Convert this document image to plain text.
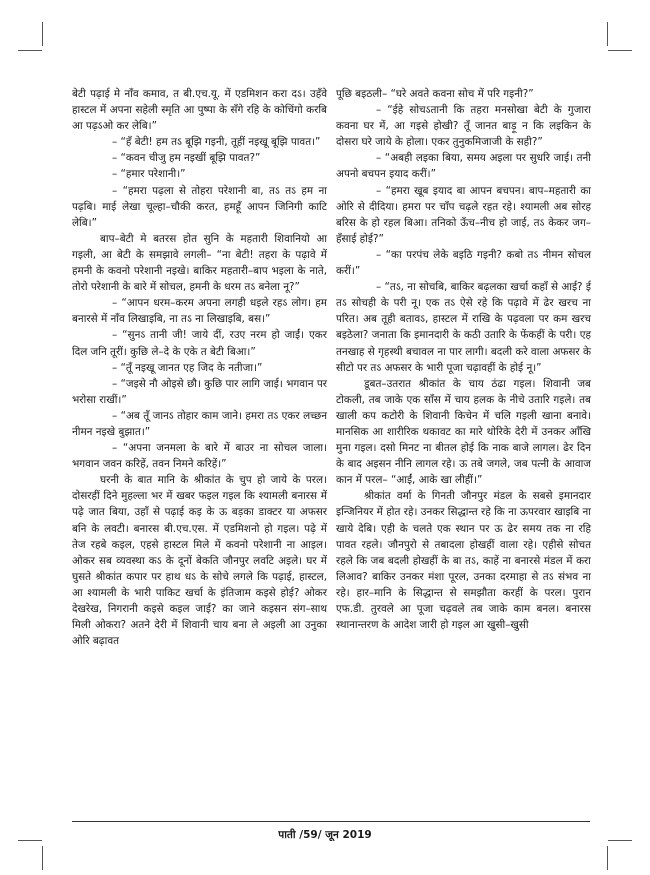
बेटी पढ़ाई मे नाँव कमाव, त बी.एच.यू. में एडमिशन करा दऽ। उहँवे हास्टल में अपना सहेली स्मृति आ पुष्पा के सँगे रहि के कोचिंगो करबि आ पढ़ऽओ कर लेबि।”

– “हँ बेटी! हम तऽ बूझि गइनी, तूहीं नइखू बूझि पावत।”

– “कवन चीजु हम नइखीं बूझि पावत?”

– “हमार परेशानी।”

– “हमरा पढ़ला से तोहरा परेशानी बा, तऽ तऽ हम ना पढ़बि। माई लेखा चूल्हा–चौकी करत, हमहूँ आपन जिनिगी काटि लेबि।”

बाप–बेटी मे बतरस होत सुनि के महतारी शिवानियो आ गइली, आ बेटी के समझावे लगली– “ना बेटी! तहरा के पढ़ावे में हमनी के कवनो परेशानी नइखे। बाकिर महतारी–बाप भइला के नाते, तोरो परेशानी के बारे में सोचल, हमनी के धरम तऽ बनेला नू?”

– “आपन धरम–करम अपना लगही धइले रहऽ लोग। हम बनारसे में नाँव लिखाइबि, ना तऽ ना लिखाइबि, बस।”

– “सुनऽ तानी जी! जाये दीं, रउए नरम हो जाईं। एकर दिल जनि तूरीं। कुछि ले–दे के एके त बेटी बिआ।”

– “तूँ नइखू जानत एह जिद के नतीजा।”

– “जइसे नौ ओइसे छौ। कुछि पार लागि जाई। भगवान पर भरोसा राखीं।”

– “अब तूँ जानऽ तोहार काम जाने। हमरा तऽ एकर लच्छन नीमन नइखे बुझात।”

– “अपना जनमला के बारे में बाउर ना सोचल जाला। भगवान जवन करिहें, तवन निमने करिहें।”

घरनी के बात मानि के श्रीकांत के चुप हो जाये के परल। दोसरहीं दिने मुहल्ला भर में खबर फइल गइल कि श्यामली बनारस में पढ़े जात बिया, उहाँ से पढ़ाई कइ के ऊ बड़का डाक्टर या अफसर बनि के लवटी। बनारस बी.एच.एस. में एडमिशनो हो गइल। पढ़े में तेज रहबे कइल, एहसे हास्टल मिले में कवनो परेशानी ना आइल। ओकर सब व्यवस्था कऽ के दूनों बेकति जौनपुर लवटि अइले। घर में घुसते श्रीकांत कपार पर हाथ धऽ के सोचे लगले कि पढ़ाई, हास्टल, आ श्यामली के भारी पाकिट खर्चा के इंतिजाम कइसे होई? ओकर देखरेख, निगरानी कइसे कइल जाई? का जाने कइसन संग–साथ मिली ओकरा? अतने देरी में शिवानी चाय बना ले अइली आ उनुका ओरि बढ़ावत

पूछि बइठली– “घरे अवते कवना सोच में परि गइनी?”

– “ईहे सोचऽतानी कि तहरा मनसोखा बेटी के गुजारा कवना घर में, आ गइसे होखी? तूँ जानत बाड़ू न कि लइकिन के दोसरा घरे जाये के होला। एकर तुनुकमिजाजी के सही?”

– “अबही लइका बिया, समय अइला पर सुधरि जाई। तनी अपनो बचपन इयाद करीं।”

– “हमरा खूब इयाद बा आपन बचपन। बाप–महतारी का ओरि से दीदिया। हमरा पर चाँप चढ़ले रहत रहे। श्यामली अब सोरह बरिस के हो रहल बिआ। तनिको ऊँच–नीच हो जाई, तऽ केकर जग–हँसाई होई?”

– “का परपंच लेके बइठि गइनी? कबो तऽ नीमन सोचल करीं।”

– “तऽ, ना सोचबि, बाकिर बढ़लका खर्चा कहाँ से आई? ई तऽ सोचही के परी नू। एक तऽ ऐसे रहे कि पढ़ावे में ढेर खरच ना परित। अब तूही बतावऽ, हास्टल में राखि के पढ़वला पर कम खरच बइठेला? जनाता कि इमानदारी के कठी उतारि के फेंकहीं के परी। एह तनखाह से गृहस्थी बचावल ना पार लागी। बदली करे वाला अफसर के सीटो पर तऽ अफसर के भारी पूजा चढ़ावहीं के होई नू।”

डूबत–उतरात श्रीकांत के चाय ठंढा गइल। शिवानी जब टोकली, तब जाके एक साँस में चाय हलक के नीचे उतारि गइले। तब खाली कप कटोरी के शिवानी किचेन में चलि गइली खाना बनावे। मानसिक आ शारीरिक थकावट का मारे थोरिके देरी में उनकर आँखि मुना गइल। दसो मिनट ना बीतल होई कि नाक बाजे लागल। ढेर दिन के बाद अइसन नीनि लागल रहे। ऊ तबे जगले, जब पत्नी के आवाज कान में परल– “आईं, आके खा लीहीं।”

श्रीकांत वर्मा के गिनती जौनपुर मंडल के सबसे इमानदार इन्जिनियर में होत रहे। उनकर सिद्धान्त रहे कि ना ऊपरवार खाइबि ना खाये देबि। एही के चलते एक स्थान पर ऊ ढेर समय तक ना रहि पावत रहले। जौनपुरो से तबादला होखहीं वाला रहे। एहीसे सोचत रहले कि जब बदली होखहीं के बा तऽ, काहें ना बनारसे मंडल में करा लिआव? बाकिर उनकर मंशा पूरल, उनका दरमाहा से तऽ संभव ना रहे। हार–मानि के सिद्धान्त से समझौता करहीं के परल। पुरान एफ.डी. तुरवले आ पूजा चढ़वले तब जाके काम बनल। बनारस स्थानान्तरण के आदेश जारी हो गइल आ खुसी–खुसी

पाती /59/ जून 2019
